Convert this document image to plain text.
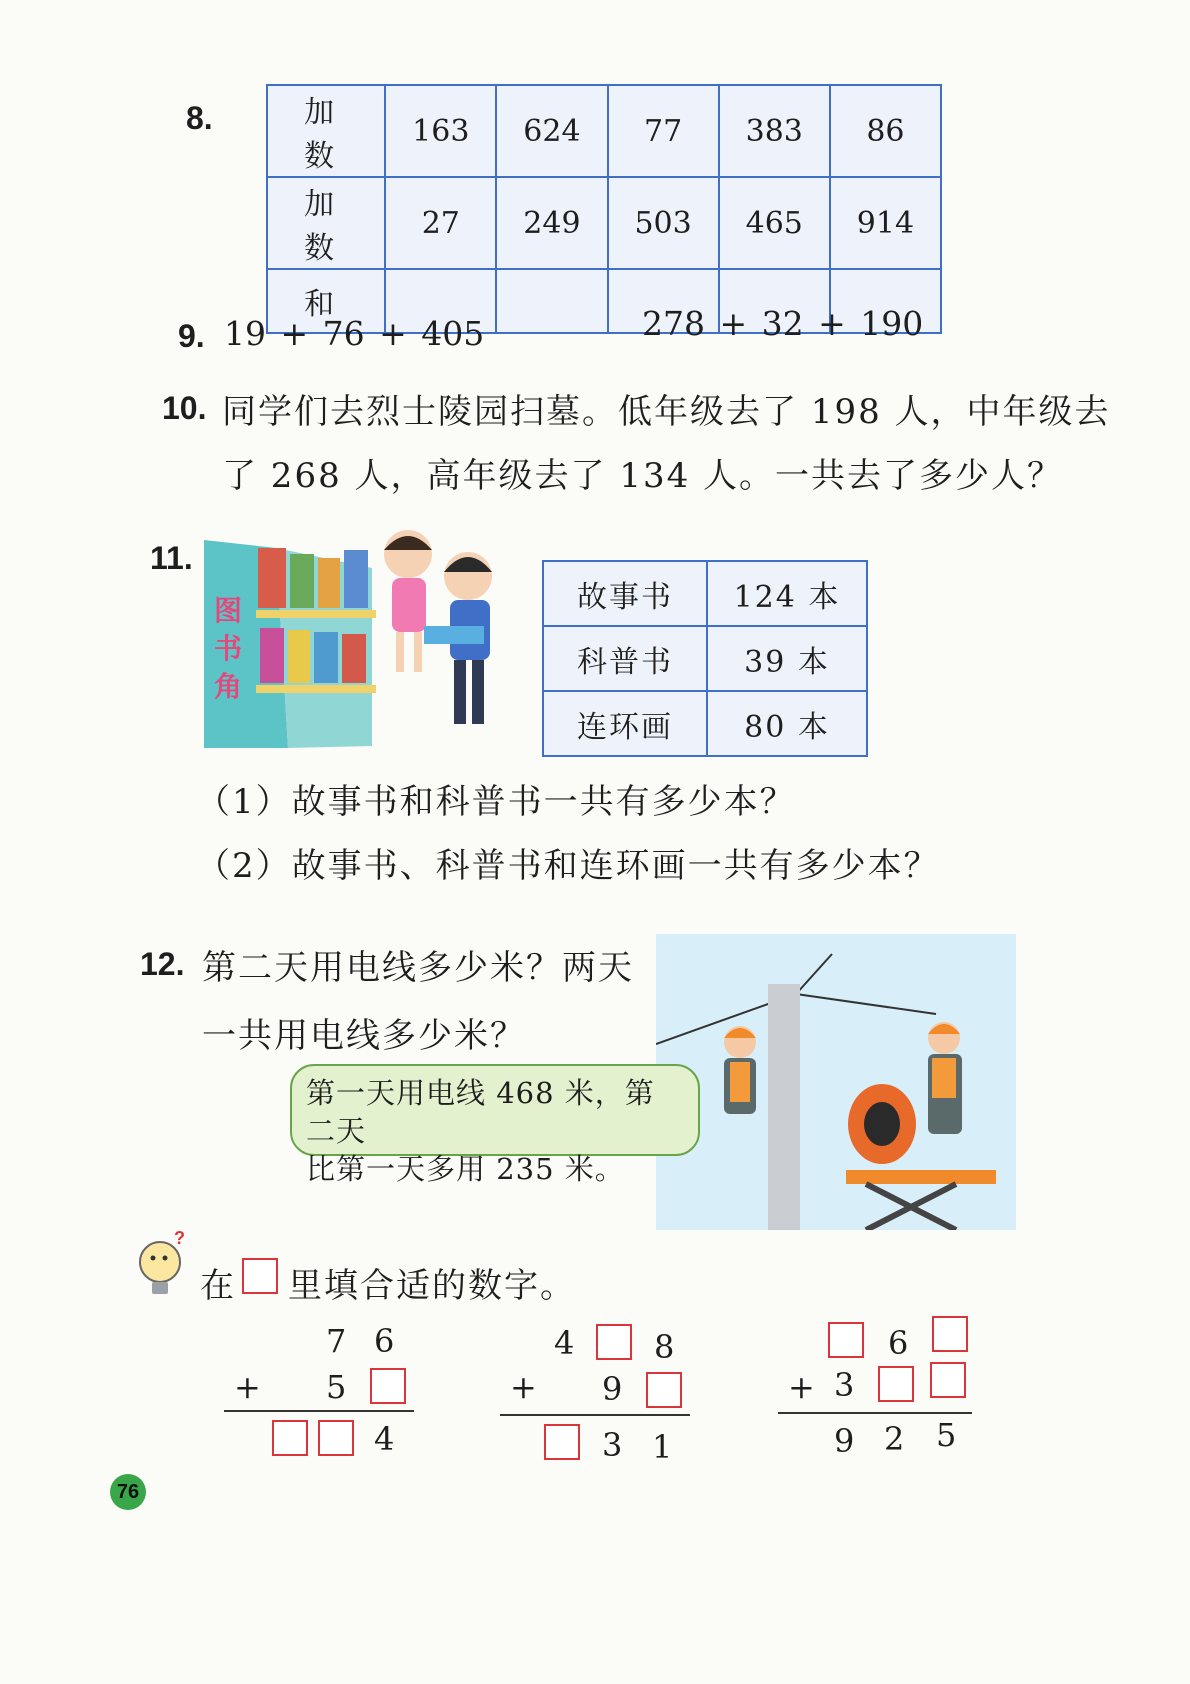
8.	加　数	163	624	77	383	86
加　数	27	249	503	465	914
和					
9. 19 + 76 + 405	278 + 32 + 190
10. 同学们去烈士陵园扫墓。低年级去了 198 人，中年级去
了 268 人，高年级去了 134 人。一共去了多少人？
11.
图
书
角
故事书	124 本
科普书	39 本
连环画	80 本
（1）故事书和科普书一共有多少本？
（2）故事书、科普书和连环画一共有多少本？
12. 第二天用电线多少米？两天
一共用电线多少米？
第一天用电线 468 米，第二天
比第一天多用 235 米。
?
在 里填合适的数字。
7 6
+ 5
4
4 8
+ 9
3 1
6
+ 3
9 2 5
76
